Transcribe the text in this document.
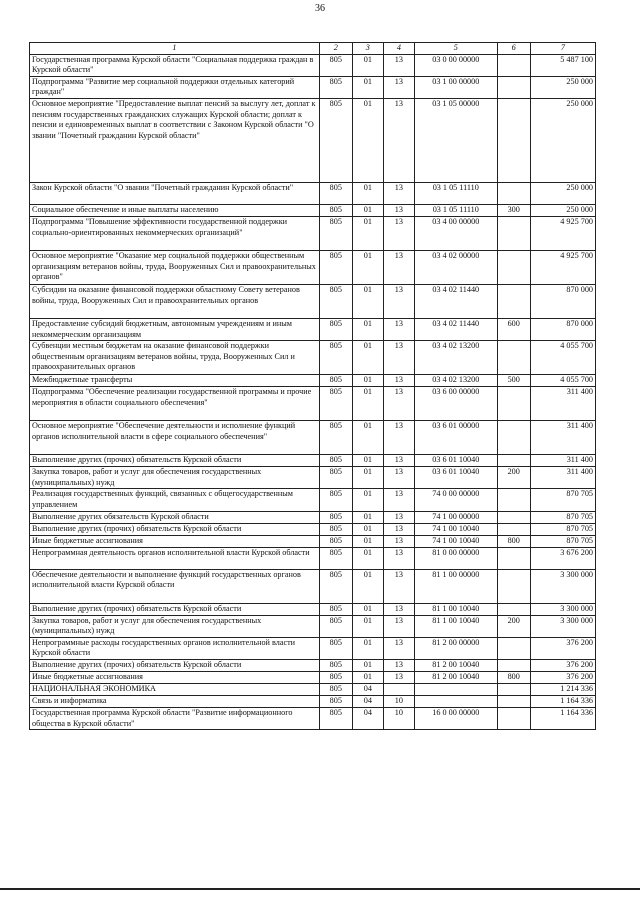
36
1	2	3	4	5	6	7
Государственная программа Курской области "Социальная поддержка граждан в Курской области"	805	01	13	03 0 00 00000		5 487 100
Подпрограмма "Развитие мер социальной поддержки отдельных категорий граждан"	805	01	13	03 1 00 00000		250 000
Основное мероприятие "Предоставление выплат пенсий за выслугу лет, доплат к пенсиям государственных гражданских служащих Курской области; доплат к пенсии и единовременных выплат в соответствии с Законом Курской области "О звании "Почетный гражданин Курской области"	805	01	13	03 1 05 00000		250 000
Закон Курской области "О звании "Почетный гражданин Курской области"	805	01	13	03 1 05 11110		250 000
Социальное обеспечение и иные выплаты населению	805	01	13	03 1 05 11110	300	250 000
Подпрограмма "Повышение эффективности государственной поддержки социально-ориентированных некоммерческих организаций"	805	01	13	03 4 00 00000		4 925 700
Основное мероприятие "Оказание мер социальной поддержки общественным организациям ветеранов войны, труда, Вооруженных Сил и правоохранительных органов"	805	01	13	03 4 02 00000		4 925 700
Субсидии на оказание финансовой поддержки областному Совету ветеранов войны, труда, Вооруженных Сил и правоохранительных органов	805	01	13	03 4 02 11440		870 000
Предоставление субсидий бюджетным, автономным учреждениям и иным некоммерческим организациям	805	01	13	03 4 02 11440	600	870 000
Субвенции местным бюджетам на оказание финансовой поддержки общественным организациям ветеранов войны, труда, Вооруженных Сил и правоохранительных органов	805	01	13	03 4 02 13200		4 055 700
Межбюджетные трансферты	805	01	13	03 4 02 13200	500	4 055 700
Подпрограмма "Обеспечение реализации государственной программы и прочие мероприятия в области социального обеспечения"	805	01	13	03 6 00 00000		311 400
Основное мероприятие "Обеспечение деятельности и исполнение функций органов исполнительной власти в сфере социального обеспечения"	805	01	13	03 6 01 00000		311 400
Выполнение других (прочих) обязательств Курской области	805	01	13	03 6 01 10040		311 400
Закупка товаров, работ и услуг для обеспечения государственных (муниципальных) нужд	805	01	13	03 6 01 10040	200	311 400
Реализация государственных функций, связанных с общегосударственным управлением	805	01	13	74 0 00 00000		870 705
Выполнение других обязательств Курской области	805	01	13	74 1 00 00000		870 705
Выполнение других (прочих) обязательств Курской области	805	01	13	74 1 00 10040		870 705
Иные бюджетные ассигнования	805	01	13	74 1 00 10040	800	870 705
Непрограммная деятельность органов исполнительной власти Курской области	805	01	13	81 0 00 00000		3 676 200
Обеспечение деятельности и выполнение функций государственных органов исполнительной власти Курской области	805	01	13	81 1 00 00000		3 300 000
Выполнение других (прочих) обязательств Курской области	805	01	13	81 1 00 10040		3 300 000
Закупка товаров, работ и услуг для обеспечения государственных (муниципальных) нужд	805	01	13	81 1 00 10040	200	3 300 000
Непрограммные расходы государственных органов исполнительной власти Курской области	805	01	13	81 2 00 00000		376 200
Выполнение других (прочих) обязательств Курской области	805	01	13	81 2 00 10040		376 200
Иные бюджетные ассигнования	805	01	13	81 2 00 10040	800	376 200
НАЦИОНАЛЬНАЯ ЭКОНОМИКА	805	04				1 214 336
Связь и информатика	805	04	10			1 164 336
Государственная программа Курской области "Развитие информационного общества в Курской области"	805	04	10	16 0 00 00000		1 164 336
